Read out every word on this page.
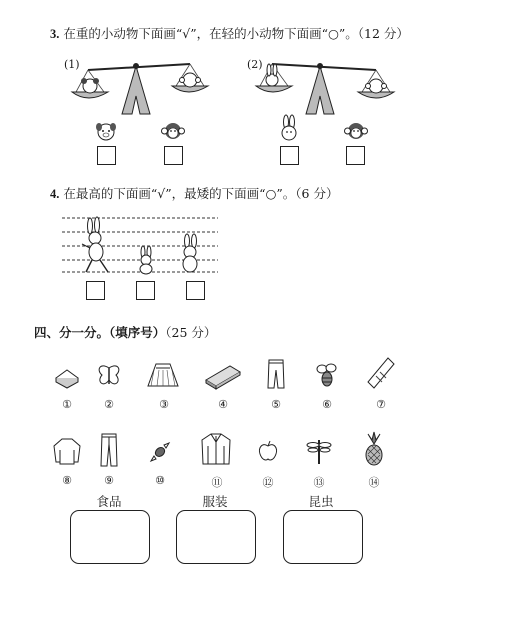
3. 在重的小动物下面画“√”，在轻的小动物下面画“○”。（12 分）
(1)	(2)
4. 在最高的下面画“√”，最矮的下面画“○”。（6 分）
四、分一分。（填序号）（25 分）
①	②	③	④	⑤	⑥	⑦
⑧	⑨	⑩	⑪	⑫	⑬	⑭
食品	服装	昆虫
